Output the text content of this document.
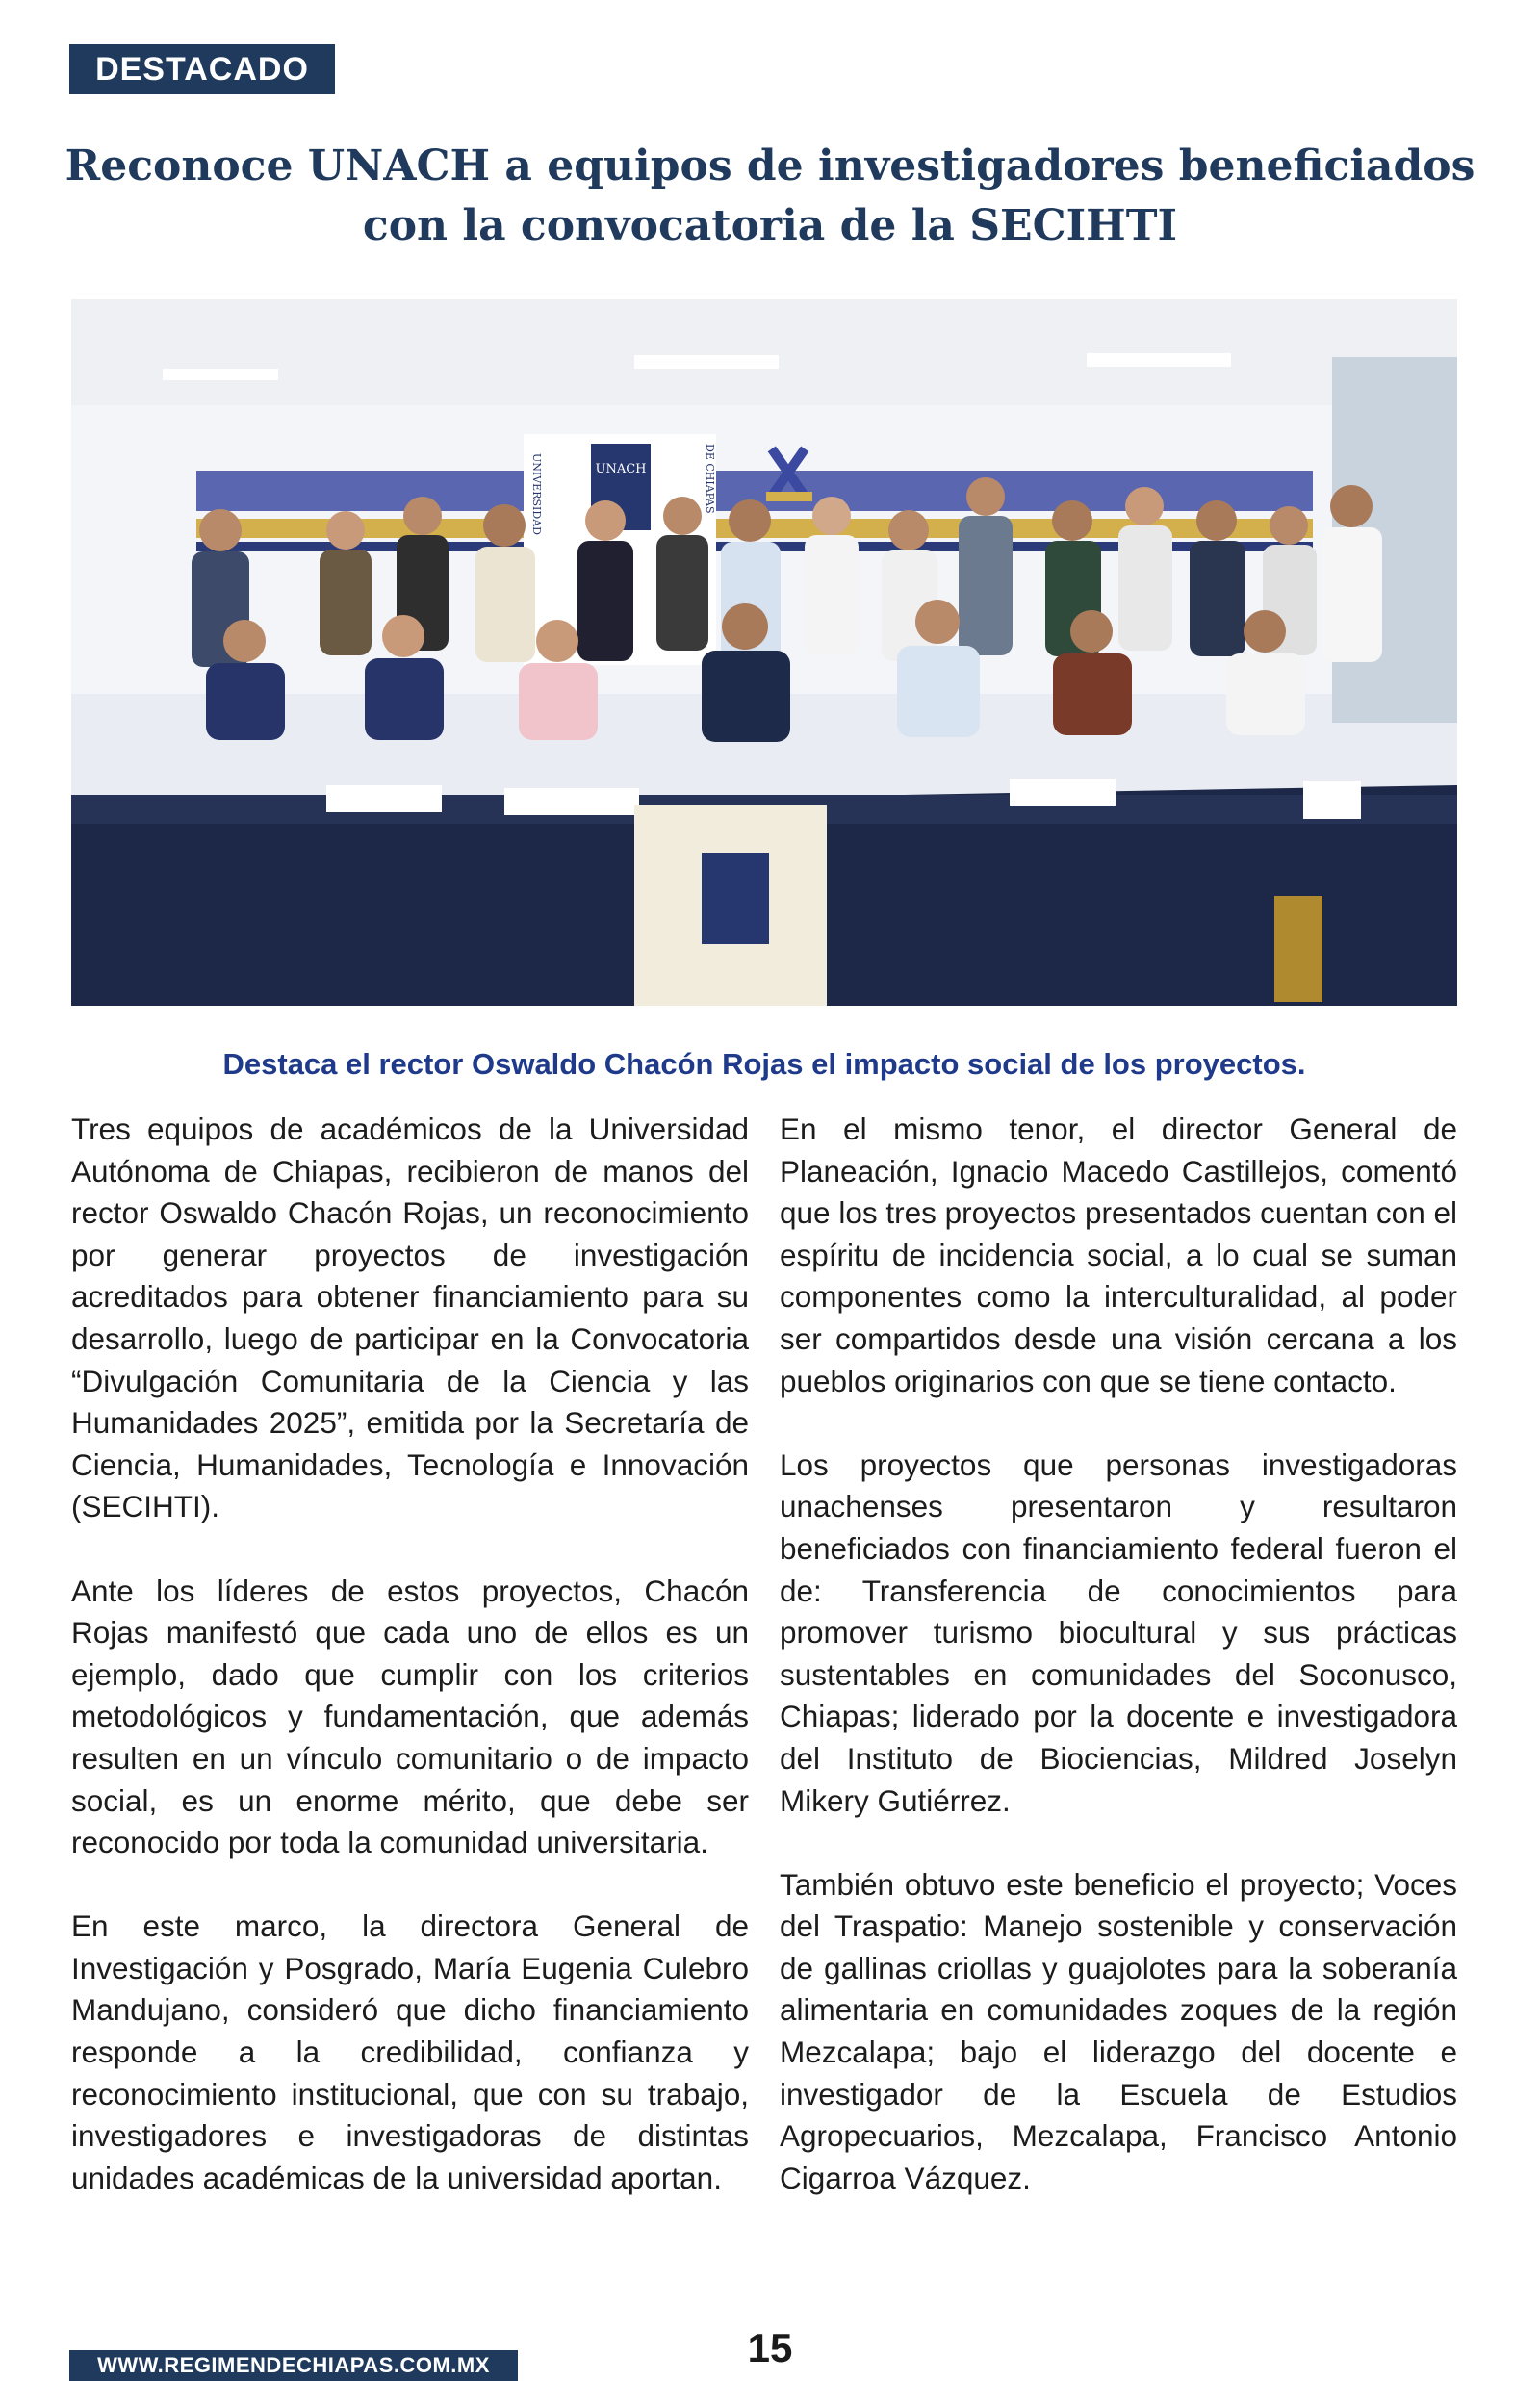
DESTACADO
Reconoce UNACH a equipos de investigadores beneficiados
con la convocatoria de la SECIHTI
UNACH
UNIVERSIDAD	DE CHIAPAS

Destaca el rector Oswaldo Chacón Rojas el impacto social de los proyectos.

Tres equipos de académicos de la Universidad Autónoma de Chiapas, recibieron de manos del rector Oswaldo Chacón Rojas, un reconocimiento por generar proyectos de investigación acreditados para obtener financiamiento para su desarrollo, luego de participar en la Convocatoria “Divulgación Comunitaria de la Ciencia y las Humanidades 2025”, emitida por la Secretaría de Ciencia, Humanidades, Tecnología e Innovación (SECIHTI).

Ante los líderes de estos proyectos, Chacón Rojas manifestó que cada uno de ellos es un ejemplo, dado que cumplir con los criterios metodológicos y fundamentación, que además resulten en un vínculo comunitario o de impacto social, es un enorme mérito, que debe ser reconocido por toda la comunidad universitaria.

En este marco, la directora General de Investigación y Posgrado, María Eugenia Culebro Mandujano, consideró que dicho financiamiento responde a la credibilidad, confianza y reconocimiento institucional, que con su trabajo, investigadores e investigadoras de distintas unidades académicas de la universidad aportan.

En el mismo tenor, el director General de Planeación, Ignacio Macedo Castillejos, comentó que los tres proyectos presentados cuentan con el espíritu de incidencia social, a lo cual se suman componentes como la interculturalidad, al poder ser compartidos desde una visión cercana a los pueblos originarios con que se tiene contacto.

Los proyectos que personas investigadoras unachenses presentaron y resultaron beneficiados con financiamiento federal fueron el de: Transferencia de conocimientos para promover turismo biocultural y sus prácticas sustentables en comunidades del Soconusco, Chiapas; liderado por la docente e investigadora del Instituto de Biociencias, Mildred Joselyn Mikery Gutiérrez.

También obtuvo este beneficio el proyecto; Voces del Traspatio: Manejo sostenible y conservación de gallinas criollas y guajolotes para la soberanía alimentaria en comunidades zoques de la región Mezcalapa; bajo el liderazgo del docente e investigador de la Escuela de Estudios Agropecuarios, Mezcalapa, Francisco Antonio Cigarroa Vázquez.

15
WWW.REGIMENDECHIAPAS.COM.MX
